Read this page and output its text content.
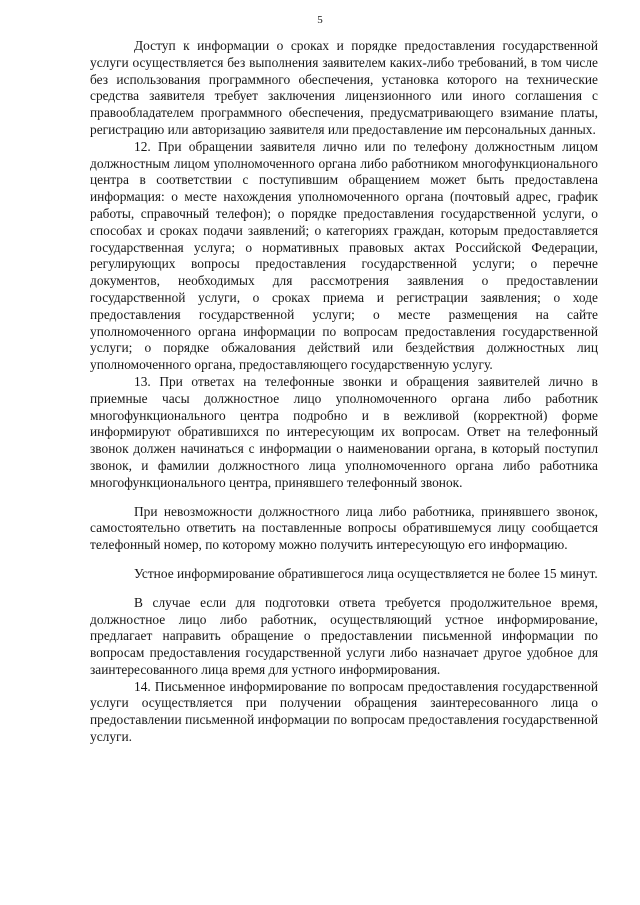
5

Доступ к информации о сроках и порядке предоставления государственной услуги осуществляется без выполнения заявителем каких-либо требований, в том числе без использования программного обеспечения, установка которого на технические средства заявителя требует заключения лицензионного или иного соглашения с правообладателем программного обеспечения, предусматривающего взимание платы, регистрацию или авторизацию заявителя или предоставление им персональных данных.

12. При обращении заявителя лично или по телефону должностным лицом должностным лицом уполномоченного органа либо работником многофункционального центра в соответствии с поступившим обращением может быть предоставлена информация: о месте нахождения уполномоченного органа (почтовый адрес, график работы, справочный телефон); о порядке предоставления государственной услуги, о способах и сроках подачи заявлений; о категориях граждан, которым предоставляется государственная услуга; о нормативных правовых актах Российской Федерации, регулирующих вопросы предоставления государственной услуги; о перечне документов, необходимых для рассмотрения заявления о предоставлении государственной услуги, о сроках приема и регистрации заявления; о ходе предоставления государственной услуги; о месте размещения на сайте уполномоченного органа информации по вопросам предоставления государственной услуги; о порядке обжалования действий или бездействия должностных лиц уполномоченного органа, предоставляющего государственную услугу.

13. При ответах на телефонные звонки и обращения заявителей лично в приемные часы должностное лицо уполномоченного органа либо работник многофункционального центра подробно и в вежливой (корректной) форме информируют обратившихся по интересующим их вопросам. Ответ на телефонный звонок должен начинаться с информации о наименовании органа, в который поступил звонок, и фамилии должностного лица уполномоченного органа либо работника многофункционального центра, принявшего телефонный звонок.

При невозможности должностного лица либо работника, принявшего звонок, самостоятельно ответить на поставленные вопросы обратившемуся лицу сообщается телефонный номер, по которому можно получить интересующую его информацию.

Устное информирование обратившегося лица осуществляется не более 15 минут.

В случае если для подготовки ответа требуется продолжительное время, должностное лицо либо работник, осуществляющий устное информирование, предлагает направить обращение о предоставлении письменной информации по вопросам предоставления государственной услуги либо назначает другое удобное для заинтересованного лица время для устного информирования.

14. Письменное информирование по вопросам предоставления государственной услуги осуществляется при получении обращения заинтересованного лица о предоставлении письменной информации по вопросам предоставления государственной услуги.
